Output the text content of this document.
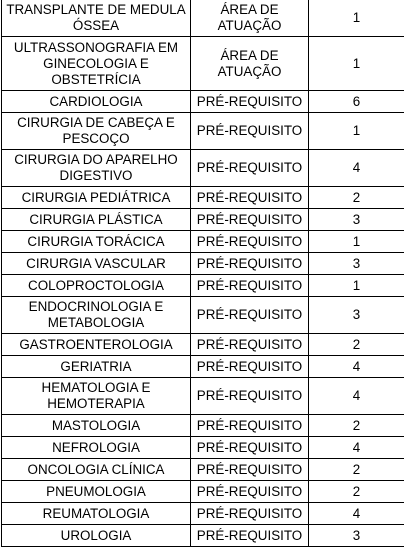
TRANSPLANTE DE MEDULA ÓSSEA	ÁREA DE ATUAÇÃO	1
ULTRASSONOGRAFIA EM GINECOLOGIA E OBSTETRÍCIA	ÁREA DE ATUAÇÃO	1
CARDIOLOGIA	PRÉ-REQUISITO	6
CIRURGIA DE CABEÇA E PESCOÇO	PRÉ-REQUISITO	1
CIRURGIA DO APARELHO DIGESTIVO	PRÉ-REQUISITO	4
CIRURGIA PEDIÁTRICA	PRÉ-REQUISITO	2
CIRURGIA PLÁSTICA	PRÉ-REQUISITO	3
CIRURGIA TORÁCICA	PRÉ-REQUISITO	1
CIRURGIA VASCULAR	PRÉ-REQUISITO	3
COLOPROCTOLOGIA	PRÉ-REQUISITO	1
ENDOCRINOLOGIA E METABOLOGIA	PRÉ-REQUISITO	3
GASTROENTEROLOGIA	PRÉ-REQUISITO	2
GERIATRIA	PRÉ-REQUISITO	4
HEMATOLOGIA E HEMOTERAPIA	PRÉ-REQUISITO	4
MASTOLOGIA	PRÉ-REQUISITO	2
NEFROLOGIA	PRÉ-REQUISITO	4
ONCOLOGIA CLÍNICA	PRÉ-REQUISITO	2
PNEUMOLOGIA	PRÉ-REQUISITO	2
REUMATOLOGIA	PRÉ-REQUISITO	4
UROLOGIA	PRÉ-REQUISITO	3
